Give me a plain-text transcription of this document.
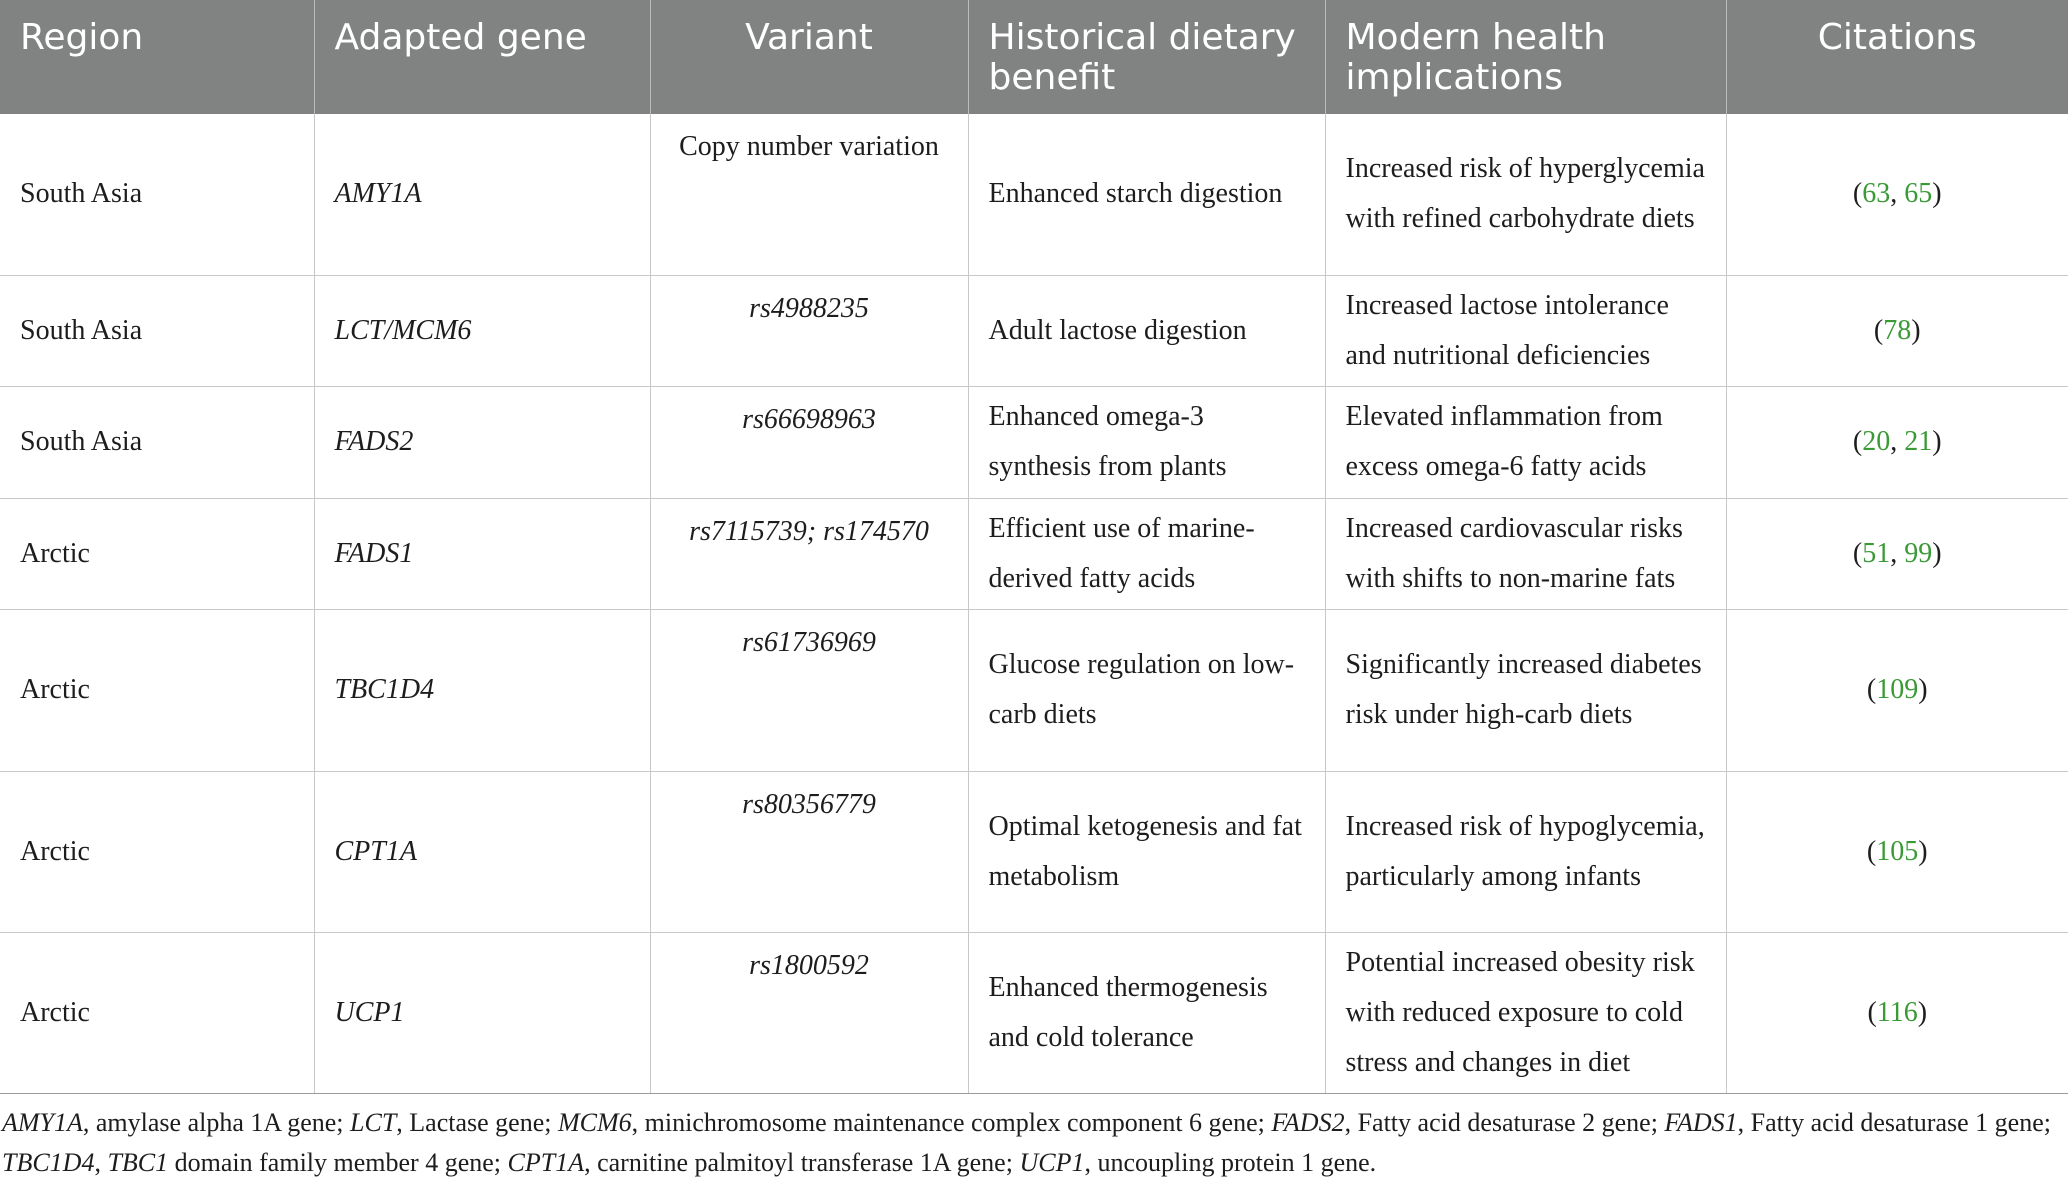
Region	Adapted gene	Variant	Historical dietary benefit	Modern health implications	Citations
South Asia	AMY1A	Copy number variation	Enhanced starch digestion	Increased risk of hyperglycemia with refined carbohydrate diets	(63, 65)
South Asia	LCT/MCM6	rs4988235	Adult lactose digestion	Increased lactose intolerance and nutritional deficiencies	(78)
South Asia	FADS2	rs66698963	Enhanced omega-3 synthesis from plants	Elevated inflammation from excess omega-6 fatty acids	(20, 21)
Arctic	FADS1	rs7115739; rs174570	Efficient use of marine-derived fatty acids	Increased cardiovascular risks with shifts to non-marine fats	(51, 99)
Arctic	TBC1D4	rs61736969	Glucose regulation on low-carb diets	Significantly increased diabetes risk under high-carb diets	(109)
Arctic	CPT1A	rs80356779	Optimal ketogenesis and fat metabolism	Increased risk of hypoglycemia, particularly among infants	(105)
Arctic	UCP1	rs1800592	Enhanced thermogenesis and cold tolerance	Potential increased obesity risk with reduced exposure to cold stress and changes in diet	(116)
AMY1A, amylase alpha 1A gene; LCT, Lactase gene; MCM6, minichromosome maintenance complex component 6 gene; FADS2, Fatty acid desaturase 2 gene; FADS1, Fatty acid desaturase 1 gene; TBC1D4, TBC1 domain family member 4 gene; CPT1A, carnitine palmitoyl transferase 1A gene; UCP1, uncoupling protein 1 gene.
